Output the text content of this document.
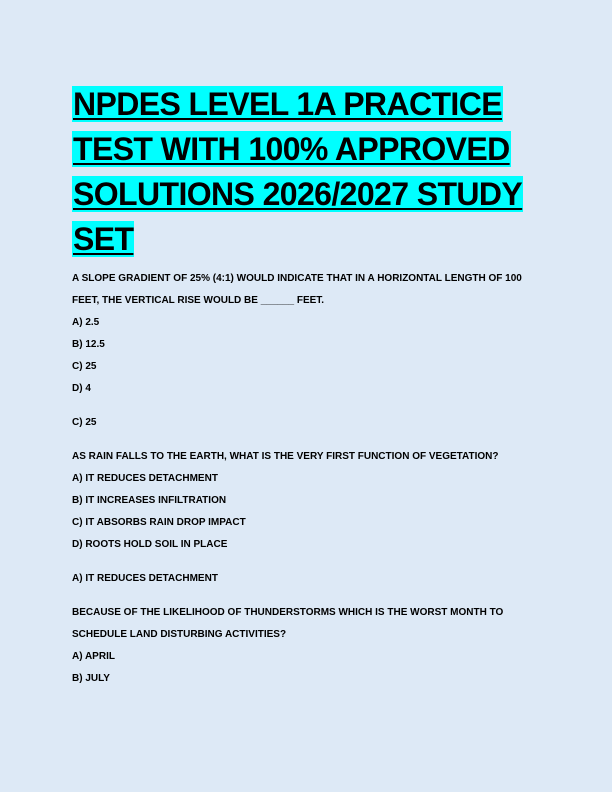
NPDES LEVEL 1A PRACTICE TEST WITH 100% APPROVED SOLUTIONS 2026/2027 STUDY SET
A SLOPE GRADIENT OF 25% (4:1) WOULD INDICATE THAT IN A HORIZONTAL LENGTH OF 100 FEET, THE VERTICAL RISE WOULD BE ______ FEET.
A) 2.5
B) 12.5
C) 25
D) 4
C) 25
AS RAIN FALLS TO THE EARTH, WHAT IS THE VERY FIRST FUNCTION OF VEGETATION?
A) IT REDUCES DETACHMENT
B) IT INCREASES INFILTRATION
C) IT ABSORBS RAIN DROP IMPACT
D) ROOTS HOLD SOIL IN PLACE
A) IT REDUCES DETACHMENT
BECAUSE OF THE LIKELIHOOD OF THUNDERSTORMS WHICH IS THE WORST MONTH TO SCHEDULE LAND DISTURBING ACTIVITIES?
A) APRIL
B) JULY
